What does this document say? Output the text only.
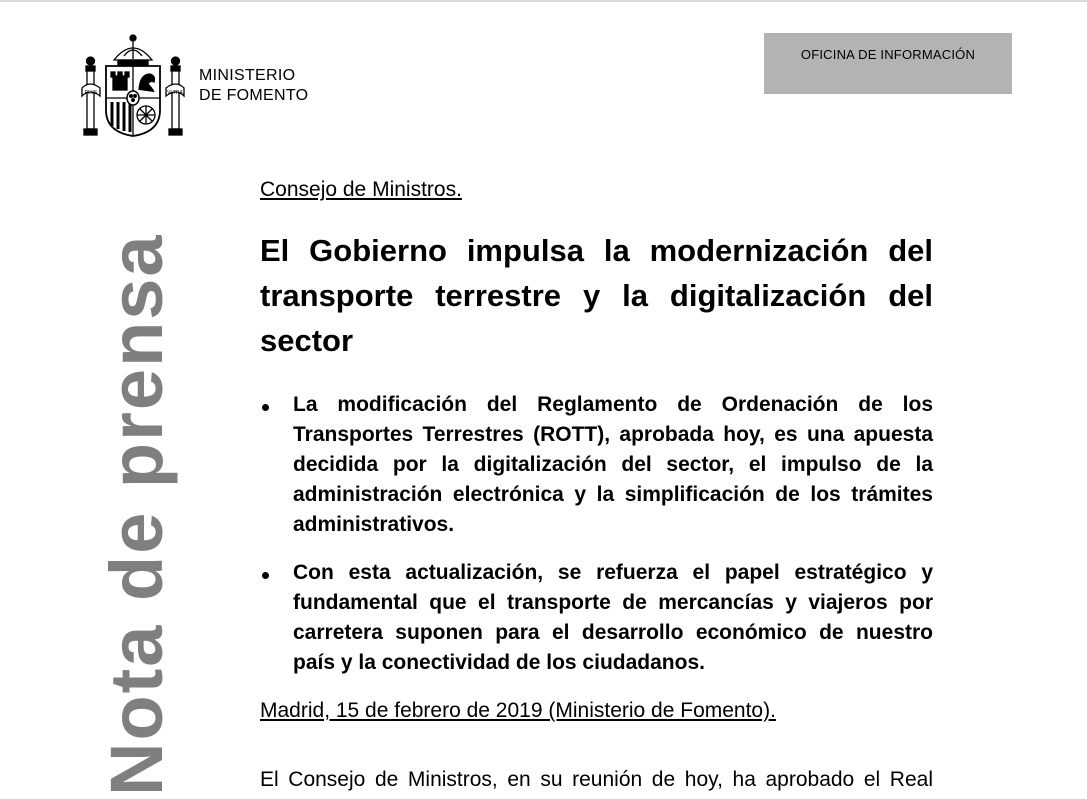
PLVS	VLTRA
MINISTERIO
DE FOMENTO
OFICINA DE INFORMACIÓN
Nota de prensa
Consejo de Ministros.
El Gobierno impulsa la modernización del transporte terrestre y la digitalización del sector
La modificación del Reglamento de Ordenación de los Transportes Terrestres (ROTT), aprobada hoy, es una apuesta decidida por la digitalización del sector, el impulso de la administración electrónica y la simplificación de los trámites administrativos.
Con esta actualización, se refuerza el papel estratégico y fundamental que el transporte de mercancías y viajeros por carretera suponen para el desarrollo económico de nuestro país y la conectividad de los ciudadanos.
Madrid, 15 de febrero de 2019 (Ministerio de Fomento).
El Consejo de Ministros, en su reunión de hoy, ha aprobado el Real
